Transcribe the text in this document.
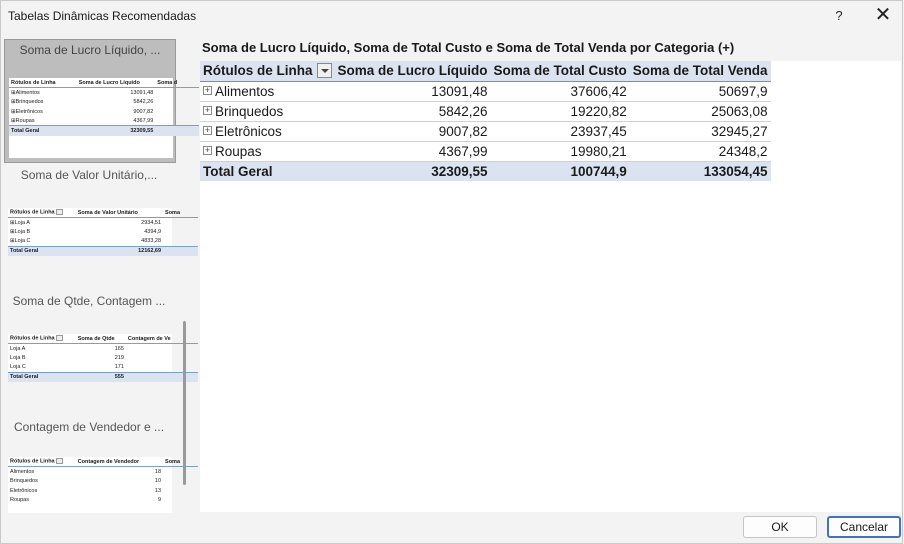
Tabelas Dinâmicas Recomendadas	?	✕
Soma de Lucro Líquido, ...
Rótulos de Linha	Soma de Lucro Líquido	Soma d
⊞Alimentos	13091,48	
⊞Brinquedos	5842,26	
⊞Eletrônicos	9007,82	
⊞Roupas	4367,99	
Total Geral	32309,55	
Soma de Valor Unitário,...
Rótulos de Linha	Soma de Valor Unitário	Soma
⊞Loja A	2934,51	
⊞Loja B	4394,9	
⊞Loja C	4833,28	
Total Geral	12162,69	
Soma de Qtde, Contagem ...
Rótulos de Linha	Soma de Qtde	Contagem de Ve
Loja A	165	
Loja B	219	
Loja C	171	
Total Geral	555	
Contagem de Vendedor e ...
Rótulos de Linha	Contagem de Vendedor	Soma
Alimentos	18	
Brinquedos	10	
Eletrônicos	13	
Roupas	9	
Soma de Lucro Líquido, Soma de Total Custo e Soma de Total Venda por Categoria (+)
Rótulos de Linha	Soma de Lucro Líquido	Soma de Total Custo	Soma de Total Venda
+ Alimentos	13091,48	37606,42	50697,9
+ Brinquedos	5842,26	19220,82	25063,08
+ Eletrônicos	9007,82	23937,45	32945,27
+ Roupas	4367,99	19980,21	24348,2
Total Geral	32309,55	100744,9	133054,45
OK	Cancelar
